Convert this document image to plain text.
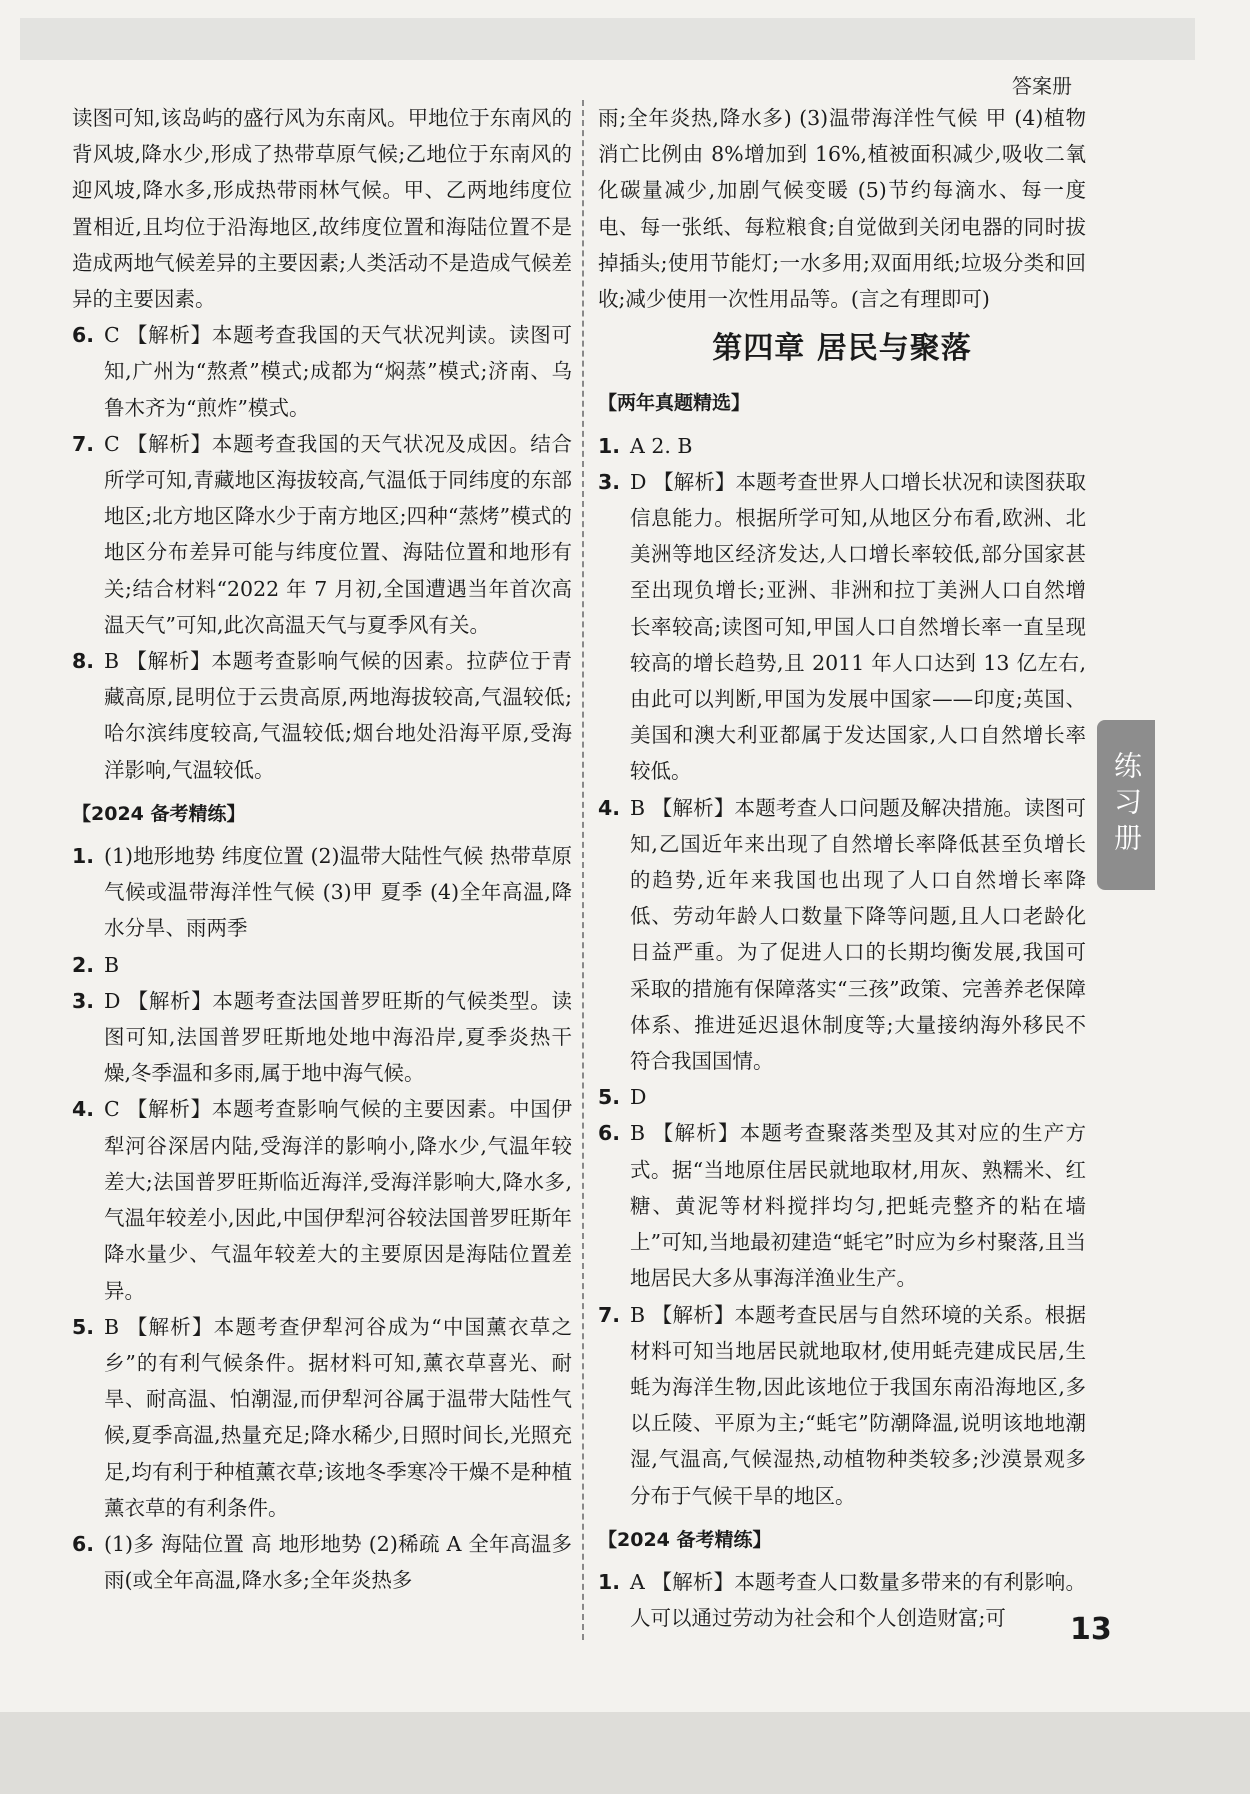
答案册

读图可知,该岛屿的盛行风为东南风。甲地位于东南风的背风坡,降水少,形成了热带草原气候;乙地位于东南风的迎风坡,降水多,形成热带雨林气候。甲、乙两地纬度位置相近,且均位于沿海地区,故纬度位置和海陆位置不是造成两地气候差异的主要因素;人类活动不是造成气候差异的主要因素。

6. C 【解析】本题考查我国的天气状况判读。读图可知,广州为“熬煮”模式;成都为“焖蒸”模式;济南、乌鲁木齐为“煎炸”模式。
7. C 【解析】本题考查我国的天气状况及成因。结合所学可知,青藏地区海拔较高,气温低于同纬度的东部地区;北方地区降水少于南方地区;四种“蒸烤”模式的地区分布差异可能与纬度位置、海陆位置和地形有关;结合材料“2022 年 7 月初,全国遭遇当年首次高温天气”可知,此次高温天气与夏季风有关。
8. B 【解析】本题考查影响气候的因素。拉萨位于青藏高原,昆明位于云贵高原,两地海拔较高,气温较低;哈尔滨纬度较高,气温较低;烟台地处沿海平原,受海洋影响,气温较低。
【2024 备考精练】
1. (1)地形地势 纬度位置 (2)温带大陆性气候 热带草原气候或温带海洋性气候 (3)甲 夏季 (4)全年高温,降水分旱、雨两季
2. B
3. D 【解析】本题考查法国普罗旺斯的气候类型。读图可知,法国普罗旺斯地处地中海沿岸,夏季炎热干燥,冬季温和多雨,属于地中海气候。
4. C 【解析】本题考查影响气候的主要因素。中国伊犁河谷深居内陆,受海洋的影响小,降水少,气温年较差大;法国普罗旺斯临近海洋,受海洋影响大,降水多,气温年较差小,因此,中国伊犁河谷较法国普罗旺斯年降水量少、气温年较差大的主要原因是海陆位置差异。
5. B 【解析】本题考查伊犁河谷成为“中国薰衣草之乡”的有利气候条件。据材料可知,薰衣草喜光、耐旱、耐高温、怕潮湿,而伊犁河谷属于温带大陆性气候,夏季高温,热量充足;降水稀少,日照时间长,光照充足,均有利于种植薰衣草;该地冬季寒冷干燥不是种植薰衣草的有利条件。
6. (1)多 海陆位置 高 地形地势 (2)稀疏 A 全年高温多雨(或全年高温,降水多;全年炎热多

雨;全年炎热,降水多) (3)温带海洋性气候 甲 (4)植物消亡比例由 8%增加到 16%,植被面积减少,吸收二氧化碳量减少,加剧气候变暖 (5)节约每滴水、每一度电、每一张纸、每粒粮食;自觉做到关闭电器的同时拔掉插头;使用节能灯;一水多用;双面用纸;垃圾分类和回收;减少使用一次性用品等。(言之有理即可)

第四章 居民与聚落
【两年真题精选】
1. A 2. B
3. D 【解析】本题考查世界人口增长状况和读图获取信息能力。根据所学可知,从地区分布看,欧洲、北美洲等地区经济发达,人口增长率较低,部分国家甚至出现负增长;亚洲、非洲和拉丁美洲人口自然增长率较高;读图可知,甲国人口自然增长率一直呈现较高的增长趋势,且 2011 年人口达到 13 亿左右,由此可以判断,甲国为发展中国家——印度;英国、美国和澳大利亚都属于发达国家,人口自然增长率较低。
4. B 【解析】本题考查人口问题及解决措施。读图可知,乙国近年来出现了自然增长率降低甚至负增长的趋势,近年来我国也出现了人口自然增长率降低、劳动年龄人口数量下降等问题,且人口老龄化日益严重。为了促进人口的长期均衡发展,我国可采取的措施有保障落实“三孩”政策、完善养老保障体系、推进延迟退休制度等;大量接纳海外移民不符合我国国情。
5. D
6. B 【解析】本题考查聚落类型及其对应的生产方式。据“当地原住居民就地取材,用灰、熟糯米、红糖、黄泥等材料搅拌均匀,把蚝壳整齐的粘在墙上”可知,当地最初建造“蚝宅”时应为乡村聚落,且当地居民大多从事海洋渔业生产。
7. B 【解析】本题考查民居与自然环境的关系。根据材料可知当地居民就地取材,使用蚝壳建成民居,生蚝为海洋生物,因此该地位于我国东南沿海地区,多以丘陵、平原为主;“蚝宅”防潮降温,说明该地地潮湿,气温高,气候湿热,动植物种类较多;沙漠景观多分布于气候干旱的地区。
【2024 备考精练】
1. A 【解析】本题考查人口数量多带来的有利影响。人可以通过劳动为社会和个人创造财富;可
练习册
13
